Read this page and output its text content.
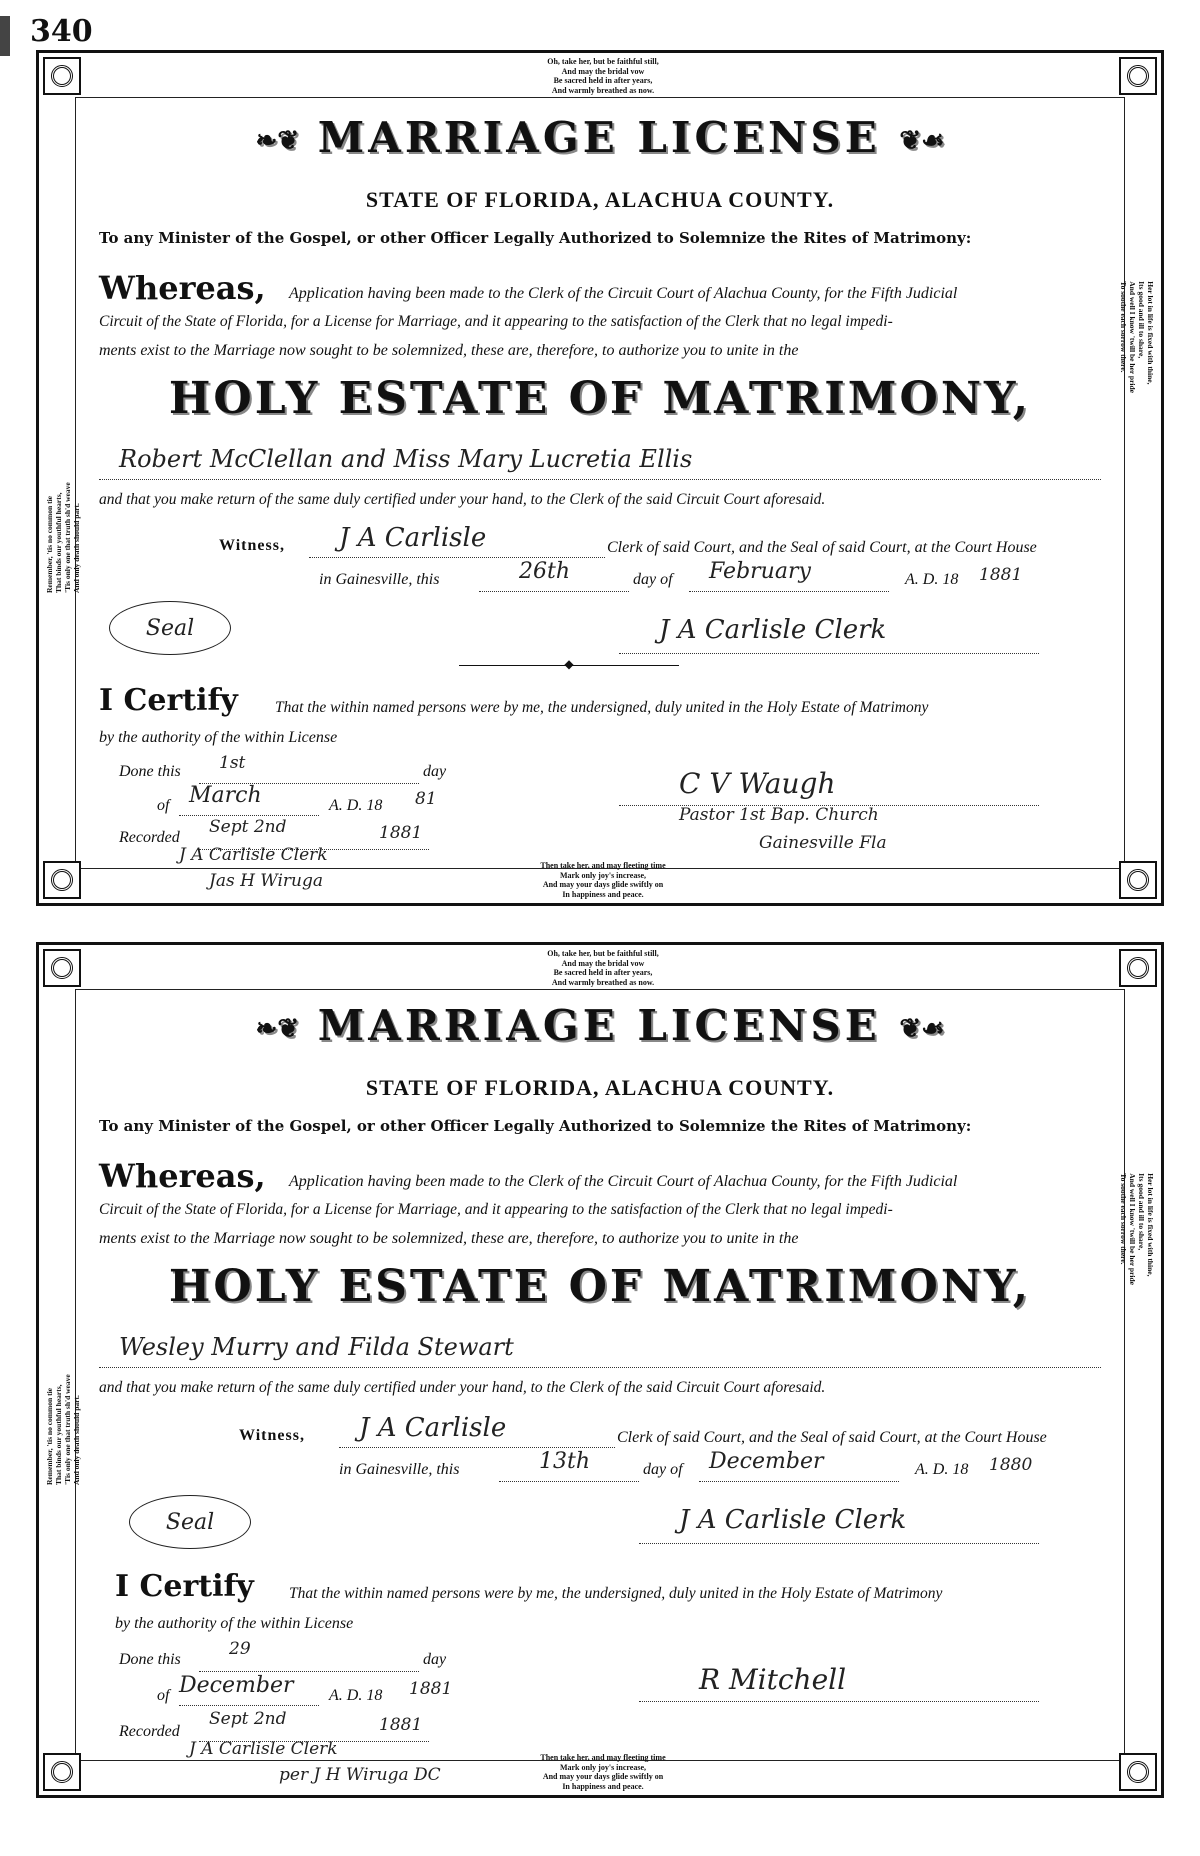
340
Oh, take her, but be faithful still,
And may the bridal vow
Be sacred held in after years,
And warmly breathed as now.
Then take her, and may fleeting time
Mark only joy's increase,
And may your days glide swiftly on
In happiness and peace.
Remember, 'tis no common tie That binds our youthful hearts, 'Tis only one that truth sh'd weave And only death should part.
Her lot in life is fixed with thine,
Its good and ill to share,
And well I know 'twill be her pride
To soothe each sorrow there.
❧❦ MARRIAGE LICENSE ❦☙
STATE OF FLORIDA, ALACHUA COUNTY.
To any Minister of the Gospel, or other Officer Legally Authorized to Solemnize the Rites of Matrimony:
Whereas, Application having been made to the Clerk of the Circuit Court of Alachua County, for the Fifth Judicial
Circuit of the State of Florida, for a License for Marriage, and it appearing to the satisfaction of the Clerk that no legal impedi-
ments exist to the Marriage now sought to be solemnized, these are, therefore, to authorize you to unite in the
HOLY ESTATE OF MATRIMONY,
Robert McClellan and Miss Mary Lucretia Ellis
and that you make return of the same duly certified under your hand, to the Clerk of the said Circuit Court aforesaid.
Witness, J A Carlisle	Clerk of said Court, and the Seal of said Court, at the Court House
in Gainesville, this	26th	day of February	A. D. 18 1881
Seal	J A Carlisle Clerk
◆
I Certify That the within named persons were by me, the undersigned, duly united in the Holy Estate of Matrimony
by the authority of the within License
Done this 1st	day
of March	A. D. 18 81	C V Waugh
Pastor 1st Bap. Church
Gainesville Fla
Recorded
Sept 2nd	1881
J A Carlisle Clerk
Jas H Wiruga
Oh, take her, but be faithful still,
And may the bridal vow
Be sacred held in after years,
And warmly breathed as now.
Then take her, and may fleeting time
Mark only joy's increase,
And may your days glide swiftly on
In happiness and peace.
Remember, 'tis no common tie That binds our youthful hearts, 'Tis only one that truth sh'd weave And only death should part.
Her lot in life is fixed with thine,
Its good and ill to share,
And well I know 'twill be her pride
To soothe each sorrow there.
❧❦ MARRIAGE LICENSE ❦☙
STATE OF FLORIDA, ALACHUA COUNTY.
To any Minister of the Gospel, or other Officer Legally Authorized to Solemnize the Rites of Matrimony:
Whereas, Application having been made to the Clerk of the Circuit Court of Alachua County, for the Fifth Judicial
Circuit of the State of Florida, for a License for Marriage, and it appearing to the satisfaction of the Clerk that no legal impedi-
ments exist to the Marriage now sought to be solemnized, these are, therefore, to authorize you to unite in the
HOLY ESTATE OF MATRIMONY,
Wesley Murry and Filda Stewart
and that you make return of the same duly certified under your hand, to the Clerk of the said Circuit Court aforesaid.
Witness, J A Carlisle	Clerk of said Court, and the Seal of said Court, at the Court House
in Gainesville, this	13th	day of December	A. D. 18 1880
Seal	J A Carlisle Clerk
I Certify That the within named persons were by me, the undersigned, duly united in the Holy Estate of Matrimony
by the authority of the within License
Done this
29
day
of December A. D. 18 1881	R Mitchell
Recorded
Sept 2nd	1881
J A Carlisle Clerk
per J H Wiruga DC
